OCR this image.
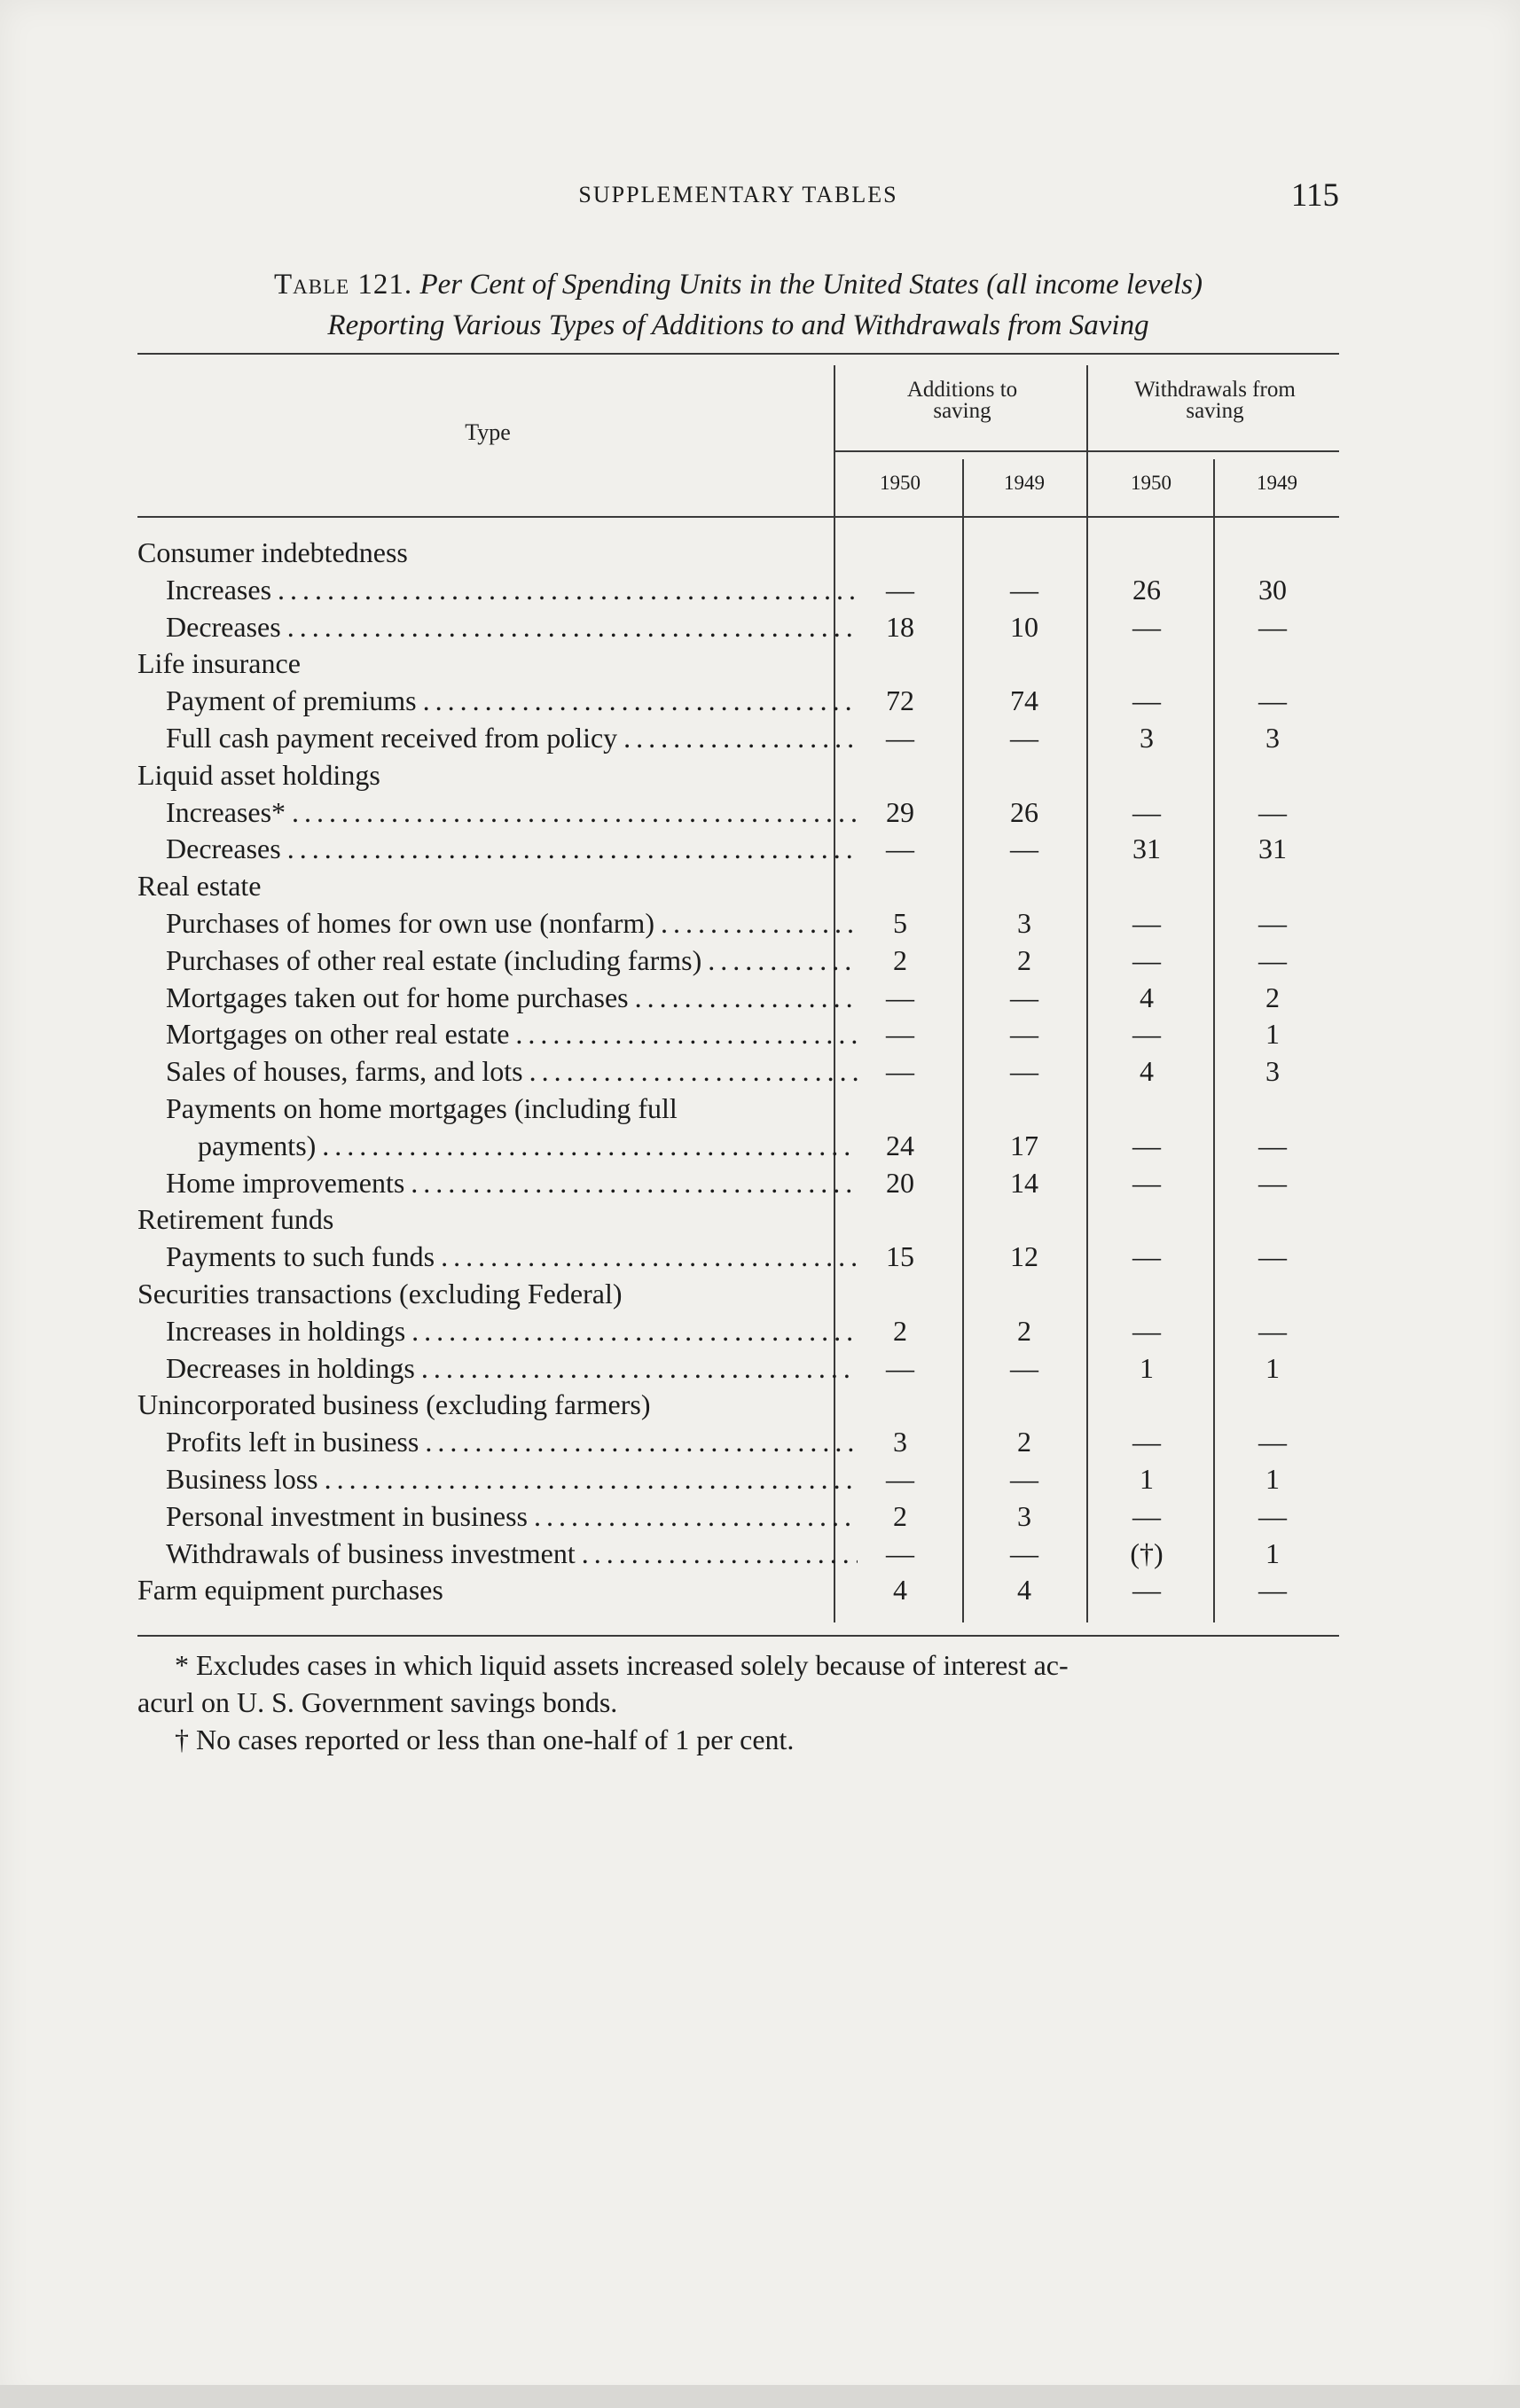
SUPPLEMENTARY TABLES	115
Table 121. Per Cent of Spending Units in the United States (all income levels)
Reporting Various Types of Additions to and Withdrawals from Saving
Type
Additions to
saving
Withdrawals from
saving
1950	1949	1950	1949
Consumer indebtedness
Increases . . .	—	—	26	30
Decreases . . .	18	10	—	—
Life insurance
Payment of premiums . . .	72	74	—	—
Full cash payment received from policy . . .	—	—	3	3
Liquid asset holdings
Increases* . . .	29	26	—	—
Decreases . . .	—	—	31	31
Real estate
Purchases of homes for own use (nonfarm) . . .	5	3	—	—
Purchases of other real estate (including farms) . . .	2	2	—	—
Mortgages taken out for home purchases . . .	—	—	4	2
Mortgages on other real estate . . .	—	—	—	1
Sales of houses, farms, and lots . . .	—	—	4	3
Payments on home mortgages (including full
payments) . . .	24	17	—	—
Home improvements . . .	20	14	—	—
Retirement funds
Payments to such funds . . .	15	12	—	—
Securities transactions (excluding Federal)
Increases in holdings . . .	2	2	—	—
Decreases in holdings . . .	—	—	1	1
Unincorporated business (excluding farmers)
Profits left in business . . .	3	2	—	—
Business loss . . .	—	—	1	1
Personal investment in business . . .	2	3	—	—
Withdrawals of business investment . . .	—	—	(†)	1
Farm equipment purchases	4	4	—	—
* Excludes cases in which liquid assets increased solely because of interest ac-
acurl on U. S. Government savings bonds.
† No cases reported or less than one-half of 1 per cent.
